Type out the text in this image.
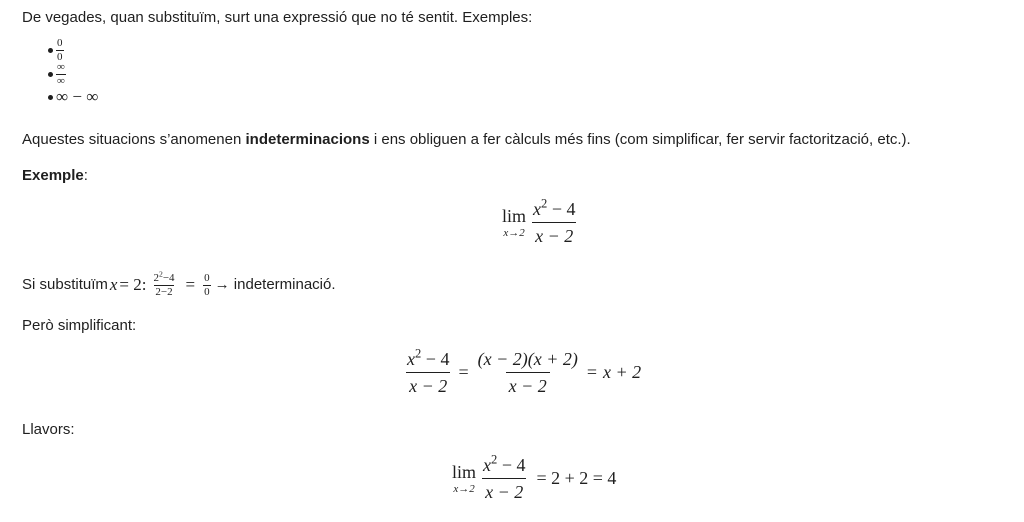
De vegades, quan substituïm, surt una expressió que no té sentit. Exemples:
$\frac{0}{0}$
$\frac{\infty}{\infty}$
∞ − ∞
Aquestes situacions s’anomenen indeterminacions i ens obliguen a fer càlculs més fins (com simplificar, fer servir factorització, etc.).
Exemple:
lim
$x\to 2 \frac{x^2 - 4}{x - 2}$
Si substituïm x = 2: $\frac{2^2-4}{2-2} = \frac{0}{0}$ → indeterminació.
Però simplificant:
$\frac{x^2 - 4}{x - 2} = \frac{(x - 2)(x + 2)}{x - 2} = x + 2$
Llavors:
lim
$x\to 2 \frac{x^2 - 4}{x - 2} = 2 + 2 = 4$
